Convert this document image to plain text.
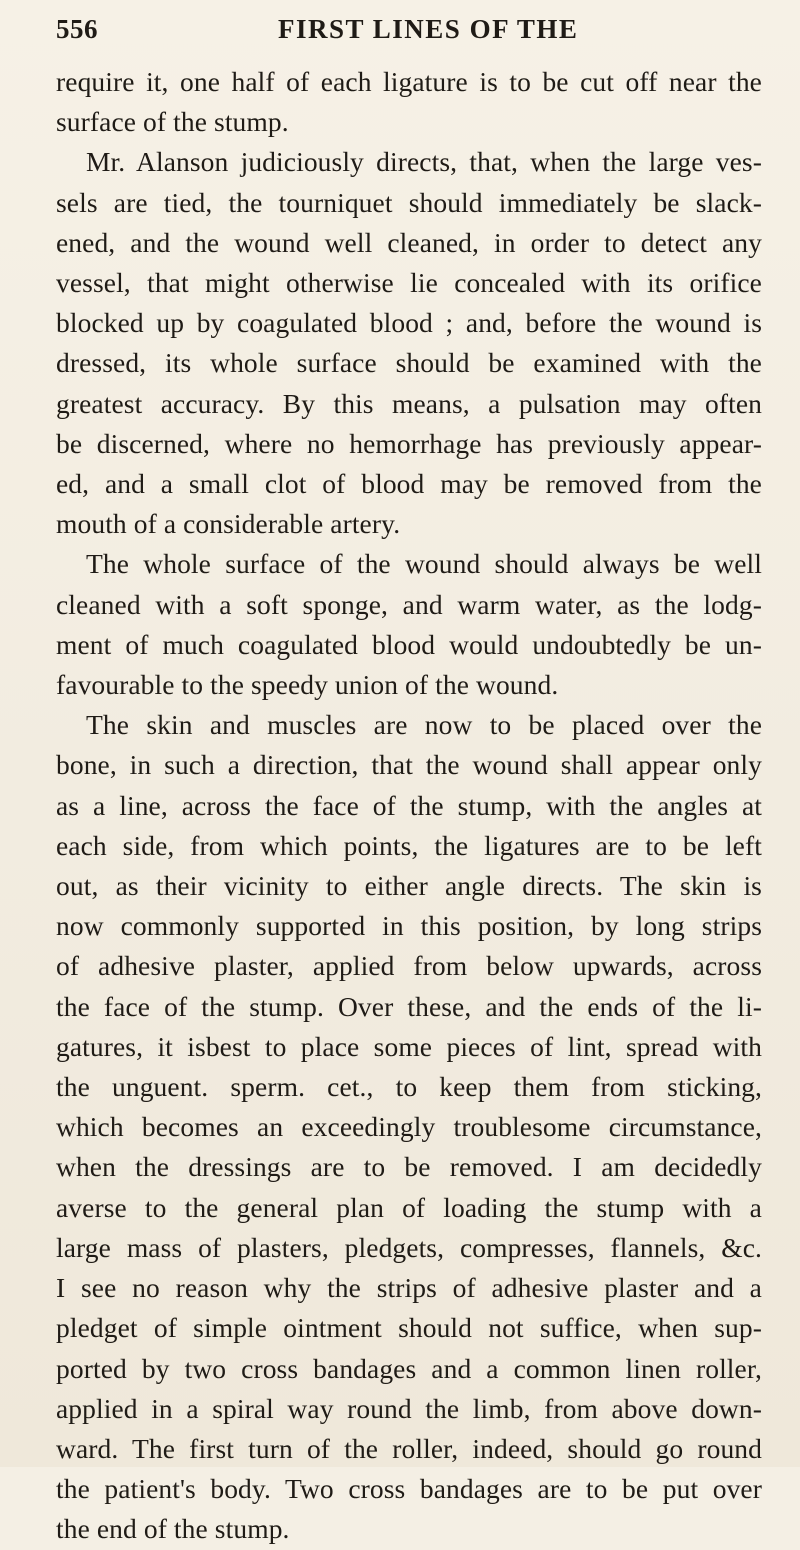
556	FIRST LINES OF THE
require it, one half of each ligature is to be cut off near the
surface of the stump.
Mr. Alanson judiciously directs, that, when the large ves-
sels are tied, the tourniquet should immediately be slack-
ened, and the wound well cleaned, in order to detect any
vessel, that might otherwise lie concealed with its orifice
blocked up by coagulated blood ; and, before the wound is
dressed, its whole surface should be examined with the
greatest accuracy. By this means, a pulsation may often
be discerned, where no hemorrhage has previously appear-
ed, and a small clot of blood may be removed from the
mouth of a considerable artery.
The whole surface of the wound should always be well
cleaned with a soft sponge, and warm water, as the lodg-
ment of much coagulated blood would undoubtedly be un-
favourable to the speedy union of the wound.
The skin and muscles are now to be placed over the
bone, in such a direction, that the wound shall appear only
as a line, across the face of the stump, with the angles at
each side, from which points, the ligatures are to be left
out, as their vicinity to either angle directs. The skin is
now commonly supported in this position, by long strips
of adhesive plaster, applied from below upwards, across
the face of the stump. Over these, and the ends of the li-
gatures, it isbest to place some pieces of lint, spread with
the unguent. sperm. cet., to keep them from sticking,
which becomes an exceedingly troublesome circumstance,
when the dressings are to be removed. I am decidedly
averse to the general plan of loading the stump with a
large mass of plasters, pledgets, compresses, flannels, &c.
I see no reason why the strips of adhesive plaster and a
pledget of simple ointment should not suffice, when sup-
ported by two cross bandages and a common linen roller,
applied in a spiral way round the limb, from above down-
ward. The first turn of the roller, indeed, should go round
the patient's body. Two cross bandages are to be put over
the end of the stump.
